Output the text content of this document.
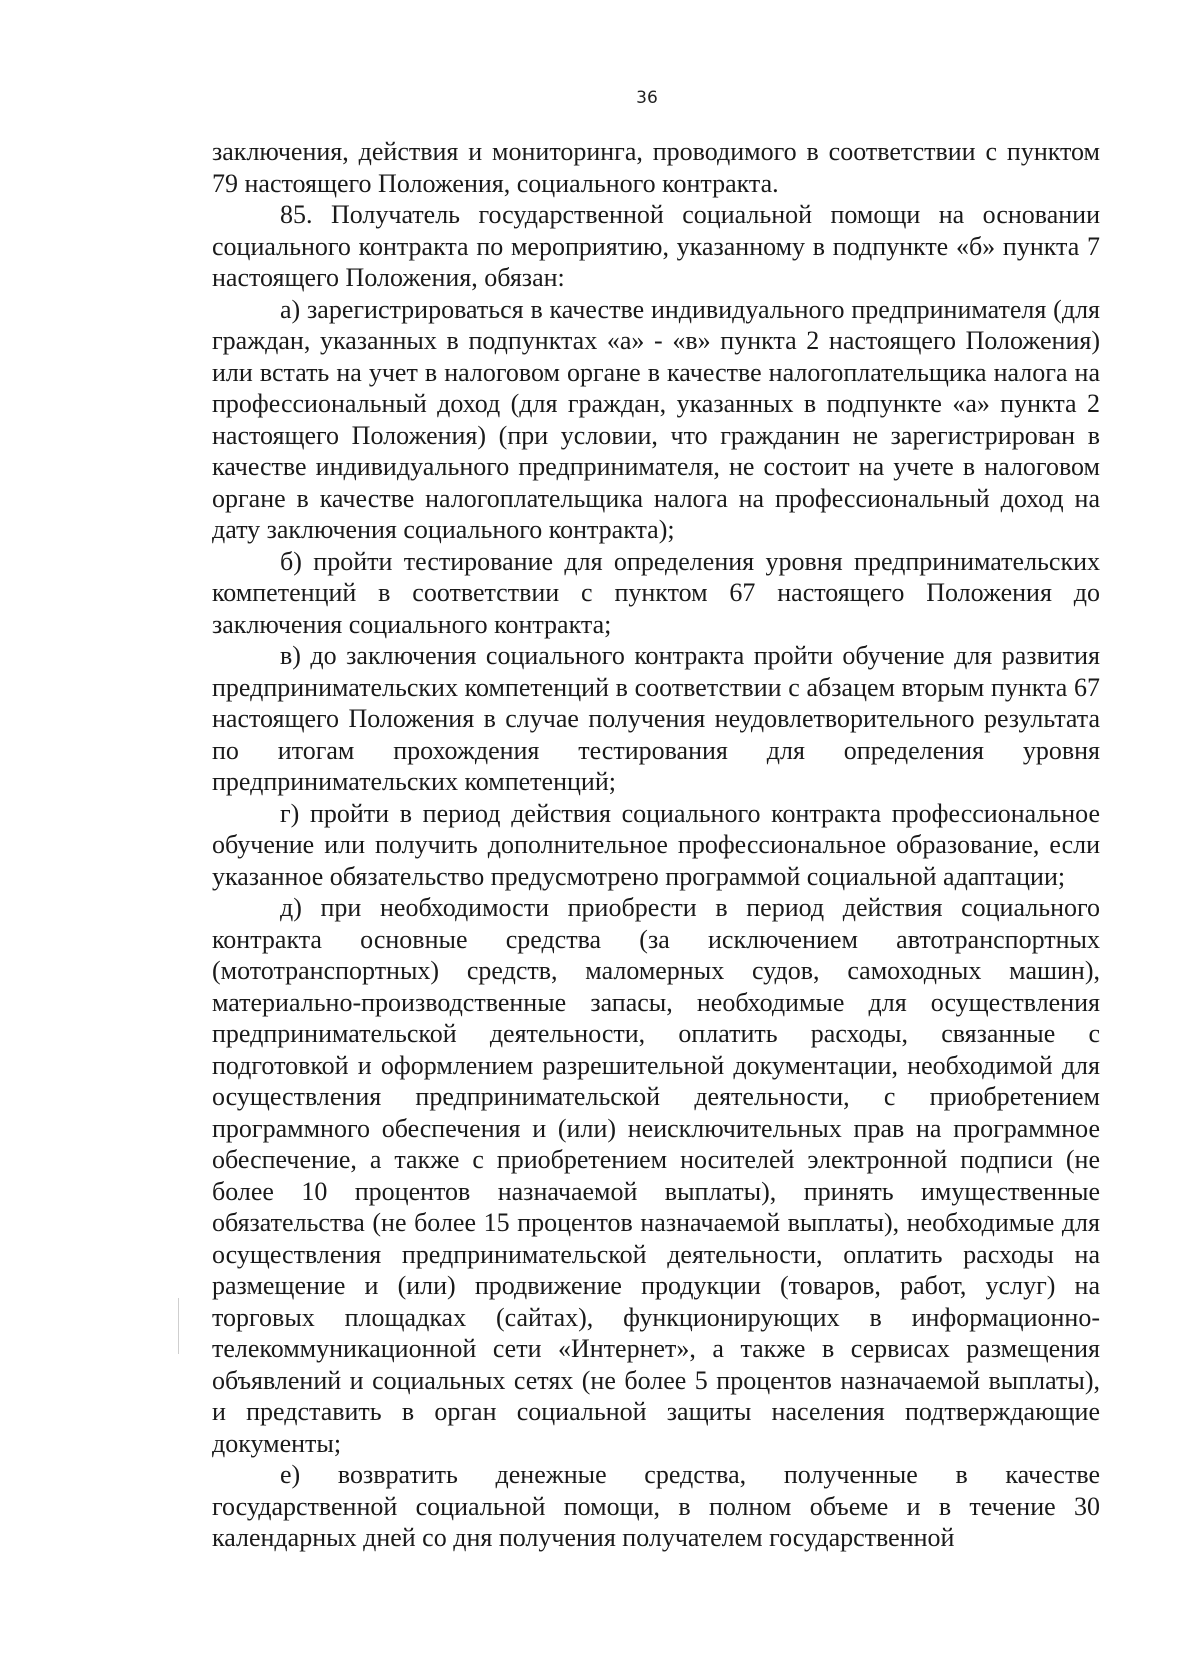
36

заключения, действия и мониторинга, проводимого в соответствии с пунктом 79 настоящего Положения, социального контракта.

85. Получатель государственной социальной помощи на основании социального контракта по мероприятию, указанному в подпункте «б» пункта 7 настоящего Положения, обязан:

а) зарегистрироваться в качестве индивидуального предпринимателя (для граждан, указанных в подпунктах «а» - «в» пункта 2 настоящего Положения) или встать на учет в налоговом органе в качестве налогоплательщика налога на профессиональный доход (для граждан, указанных в подпункте «а» пункта 2 настоящего Положения) (при условии, что гражданин не зарегистрирован в качестве индивидуального предпринимателя, не состоит на учете в налоговом органе в качестве налогоплательщика налога на профессиональный доход на дату заключения социального контракта);

б) пройти тестирование для определения уровня предпринимательских компетенций в соответствии с пунктом 67 настоящего Положения до заключения социального контракта;

в) до заключения социального контракта пройти обучение для развития предпринимательских компетенций в соответствии с абзацем вторым пункта 67 настоящего Положения в случае получения неудовлетворительного результата по итогам прохождения тестирования для определения уровня предпринимательских компетенций;

г) пройти в период действия социального контракта профессиональное обучение или получить дополнительное профессиональное образование, если указанное обязательство предусмотрено программой социальной адаптации;

д) при необходимости приобрести в период действия социального контракта основные средства (за исключением автотранспортных (мототранспортных) средств, маломерных судов, самоходных машин), материально-производственные запасы, необходимые для осуществления предпринимательской деятельности, оплатить расходы, связанные с подготовкой и оформлением разрешительной документации, необходимой для осуществления предпринимательской деятельности, с приобретением программного обеспечения и (или) неисключительных прав на программное обеспечение, а также с приобретением носителей электронной подписи (не более 10 процентов назначаемой выплаты), принять имущественные обязательства (не более 15 процентов назначаемой выплаты), необходимые для осуществления предпринимательской деятельности, оплатить расходы на размещение и (или) продвижение продукции (товаров, работ, услуг) на торговых площадках (сайтах), функционирующих в информационно-телекоммуникационной сети «Интернет», а также в сервисах размещения объявлений и социальных сетях (не более 5 процентов назначаемой выплаты), и представить в орган социальной защиты населения подтверждающие документы;

е) возвратить денежные средства, полученные в качестве государственной социальной помощи, в полном объеме и в течение 30 календарных дней со дня получения получателем государственной
